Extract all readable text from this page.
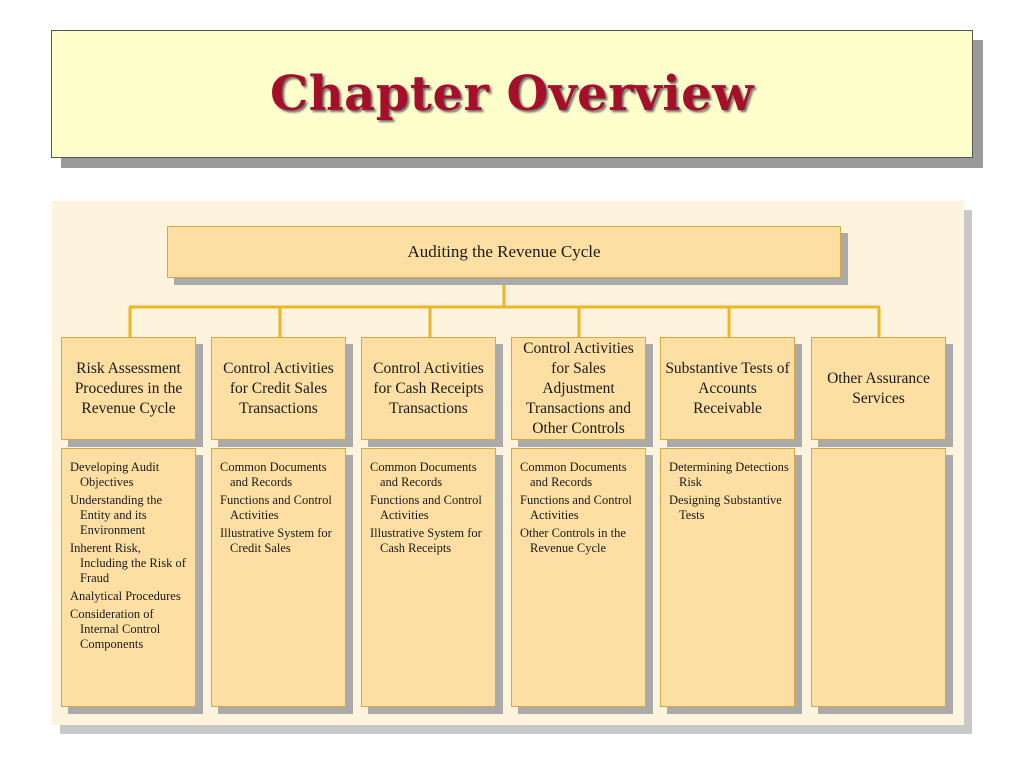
Chapter Overview
Auditing the Revenue Cycle
Risk Assessment Procedures in the Revenue Cycle
Developing Audit Objectives
Understanding the Entity and its Environment
Inherent Risk, Including the Risk of Fraud
Analytical Procedures
Consideration of Internal Control Components
Control Activities for Credit Sales Transactions
Common Documents and Records
Functions and Control Activities
Illustrative System for Credit Sales
Control Activities for Cash Receipts Transactions
Common Documents and Records
Functions and Control Activities
Illustrative System for Cash Receipts
Control Activities for Sales Adjustment Transactions and Other Controls
Common Documents and Records
Functions and Control Activities
Other Controls in the Revenue Cycle
Substantive Tests of Accounts Receivable
Determining Detections Risk
Designing Substantive Tests
Other Assurance Services
